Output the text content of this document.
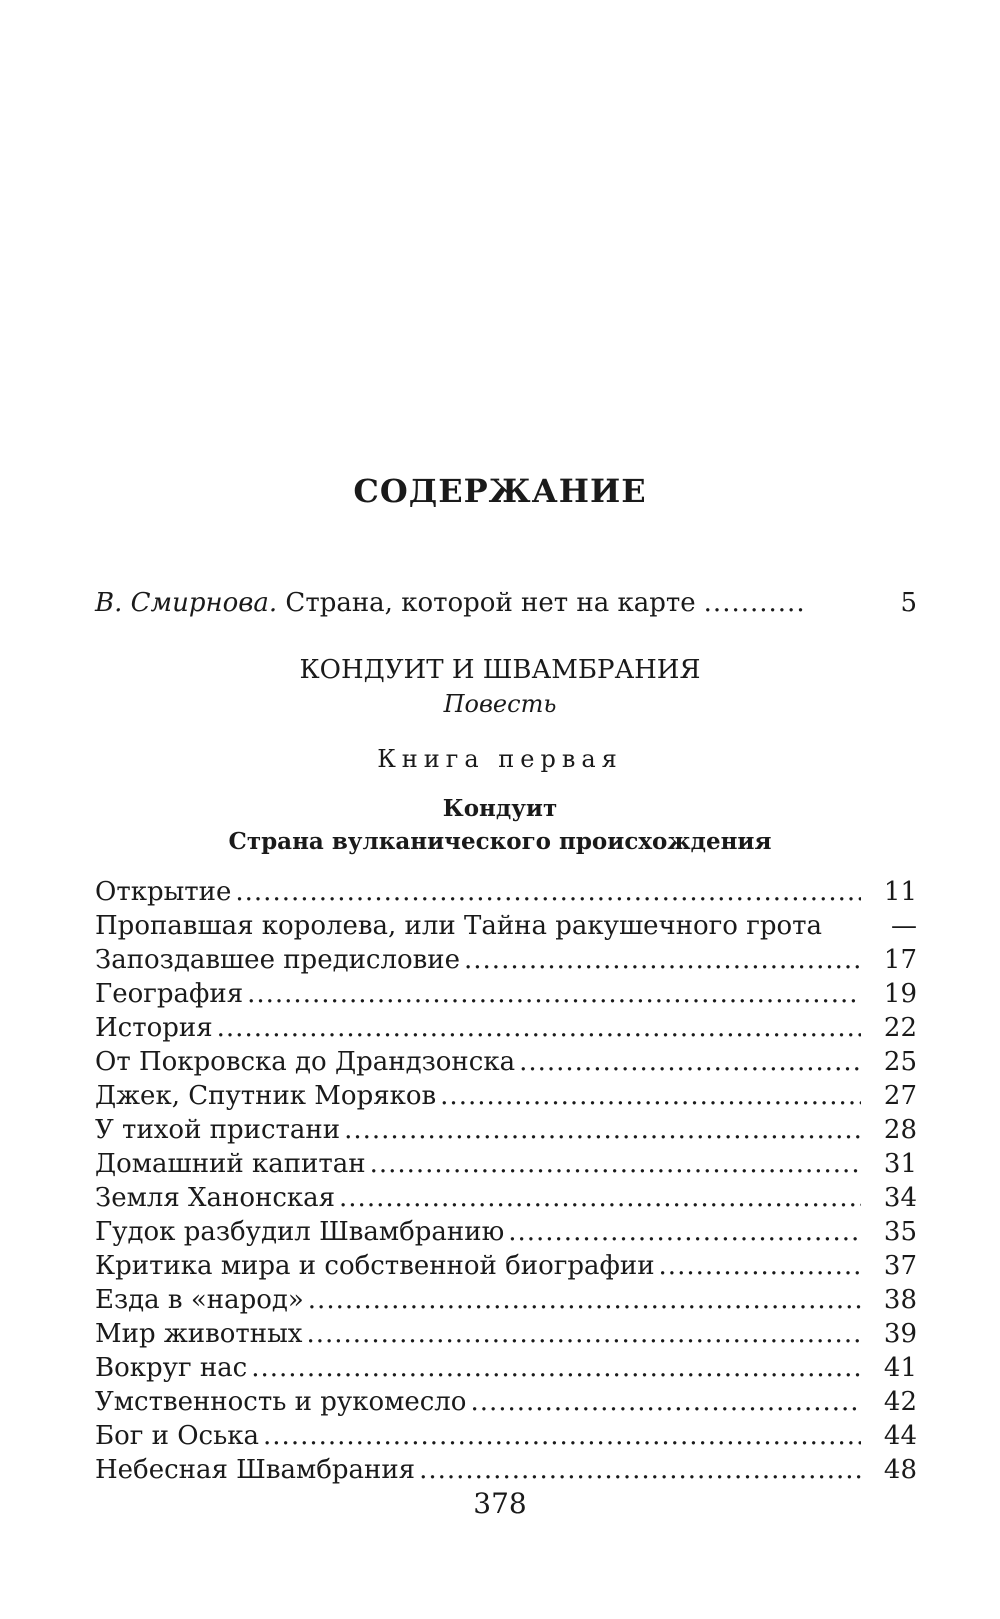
СОДЕРЖАНИЕ
В. Смирнова. Страна, которой нет на карте ...........	5
КОНДУИТ И ШВАМБРАНИЯ
Повесть
Книга первая
Кондуит
Страна вулканического происхождения
Открытие .....	11
Пропавшая королева, или Тайна ракушечного грота	—
Запоздавшее предисловие .....	17
География .....	19
История .....	22
От Покровска до Драндзонска .....	25
Джек, Спутник Моряков .....	27
У тихой пристани .....	28
Домашний капитан .....	31
Земля Ханонская .....	34
Гудок разбудил Швамбранию .....	35
Критика мира и собственной биографии .....	37
Езда в «народ» .....	38
Мир животных .....	39
Вокруг нас .....	41
Умственность и рукомесло .....	42
Бог и Оська .....	44
Небесная Швамбрания .....	48
378
